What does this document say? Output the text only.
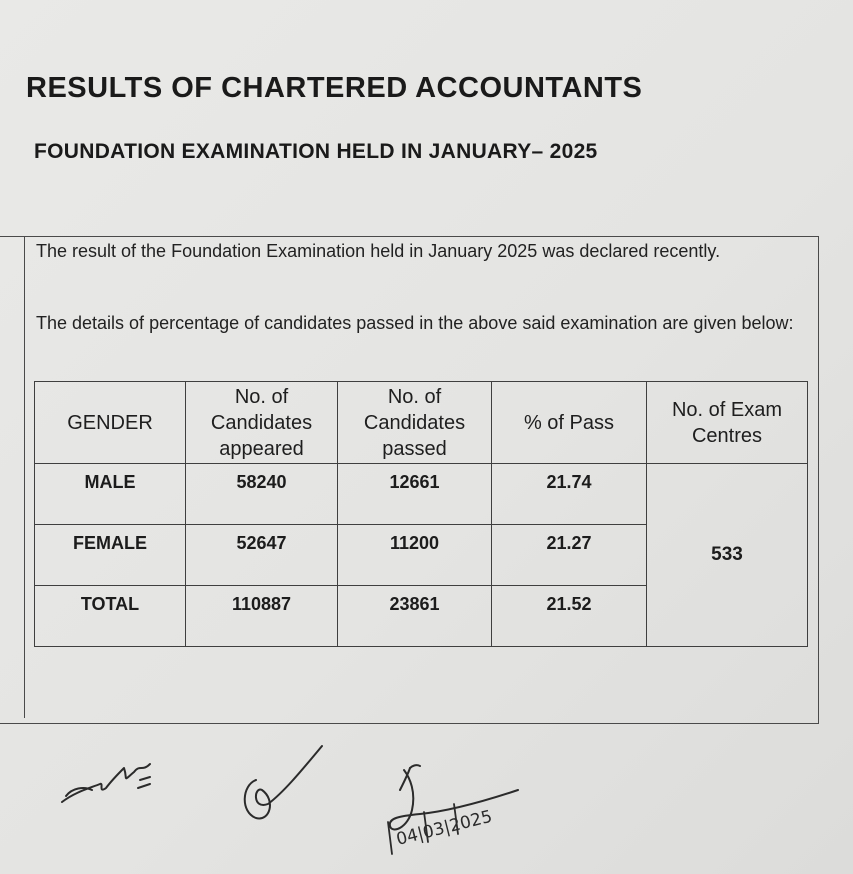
RESULTS OF CHARTERED ACCOUNTANTS
FOUNDATION EXAMINATION HELD IN JANUARY– 2025
The result of the Foundation Examination held in January 2025 was declared recently.
The details of percentage of candidates passed in the above said examination are given below:
GENDER	No. of Candidates appeared	No. of Candidates passed	% of Pass	No. of Exam Centres
MALE	58240	12661	21.74	533
FEMALE	52647	11200	21.27	
TOTAL	110887	23861	21.52	
04|03|2025
